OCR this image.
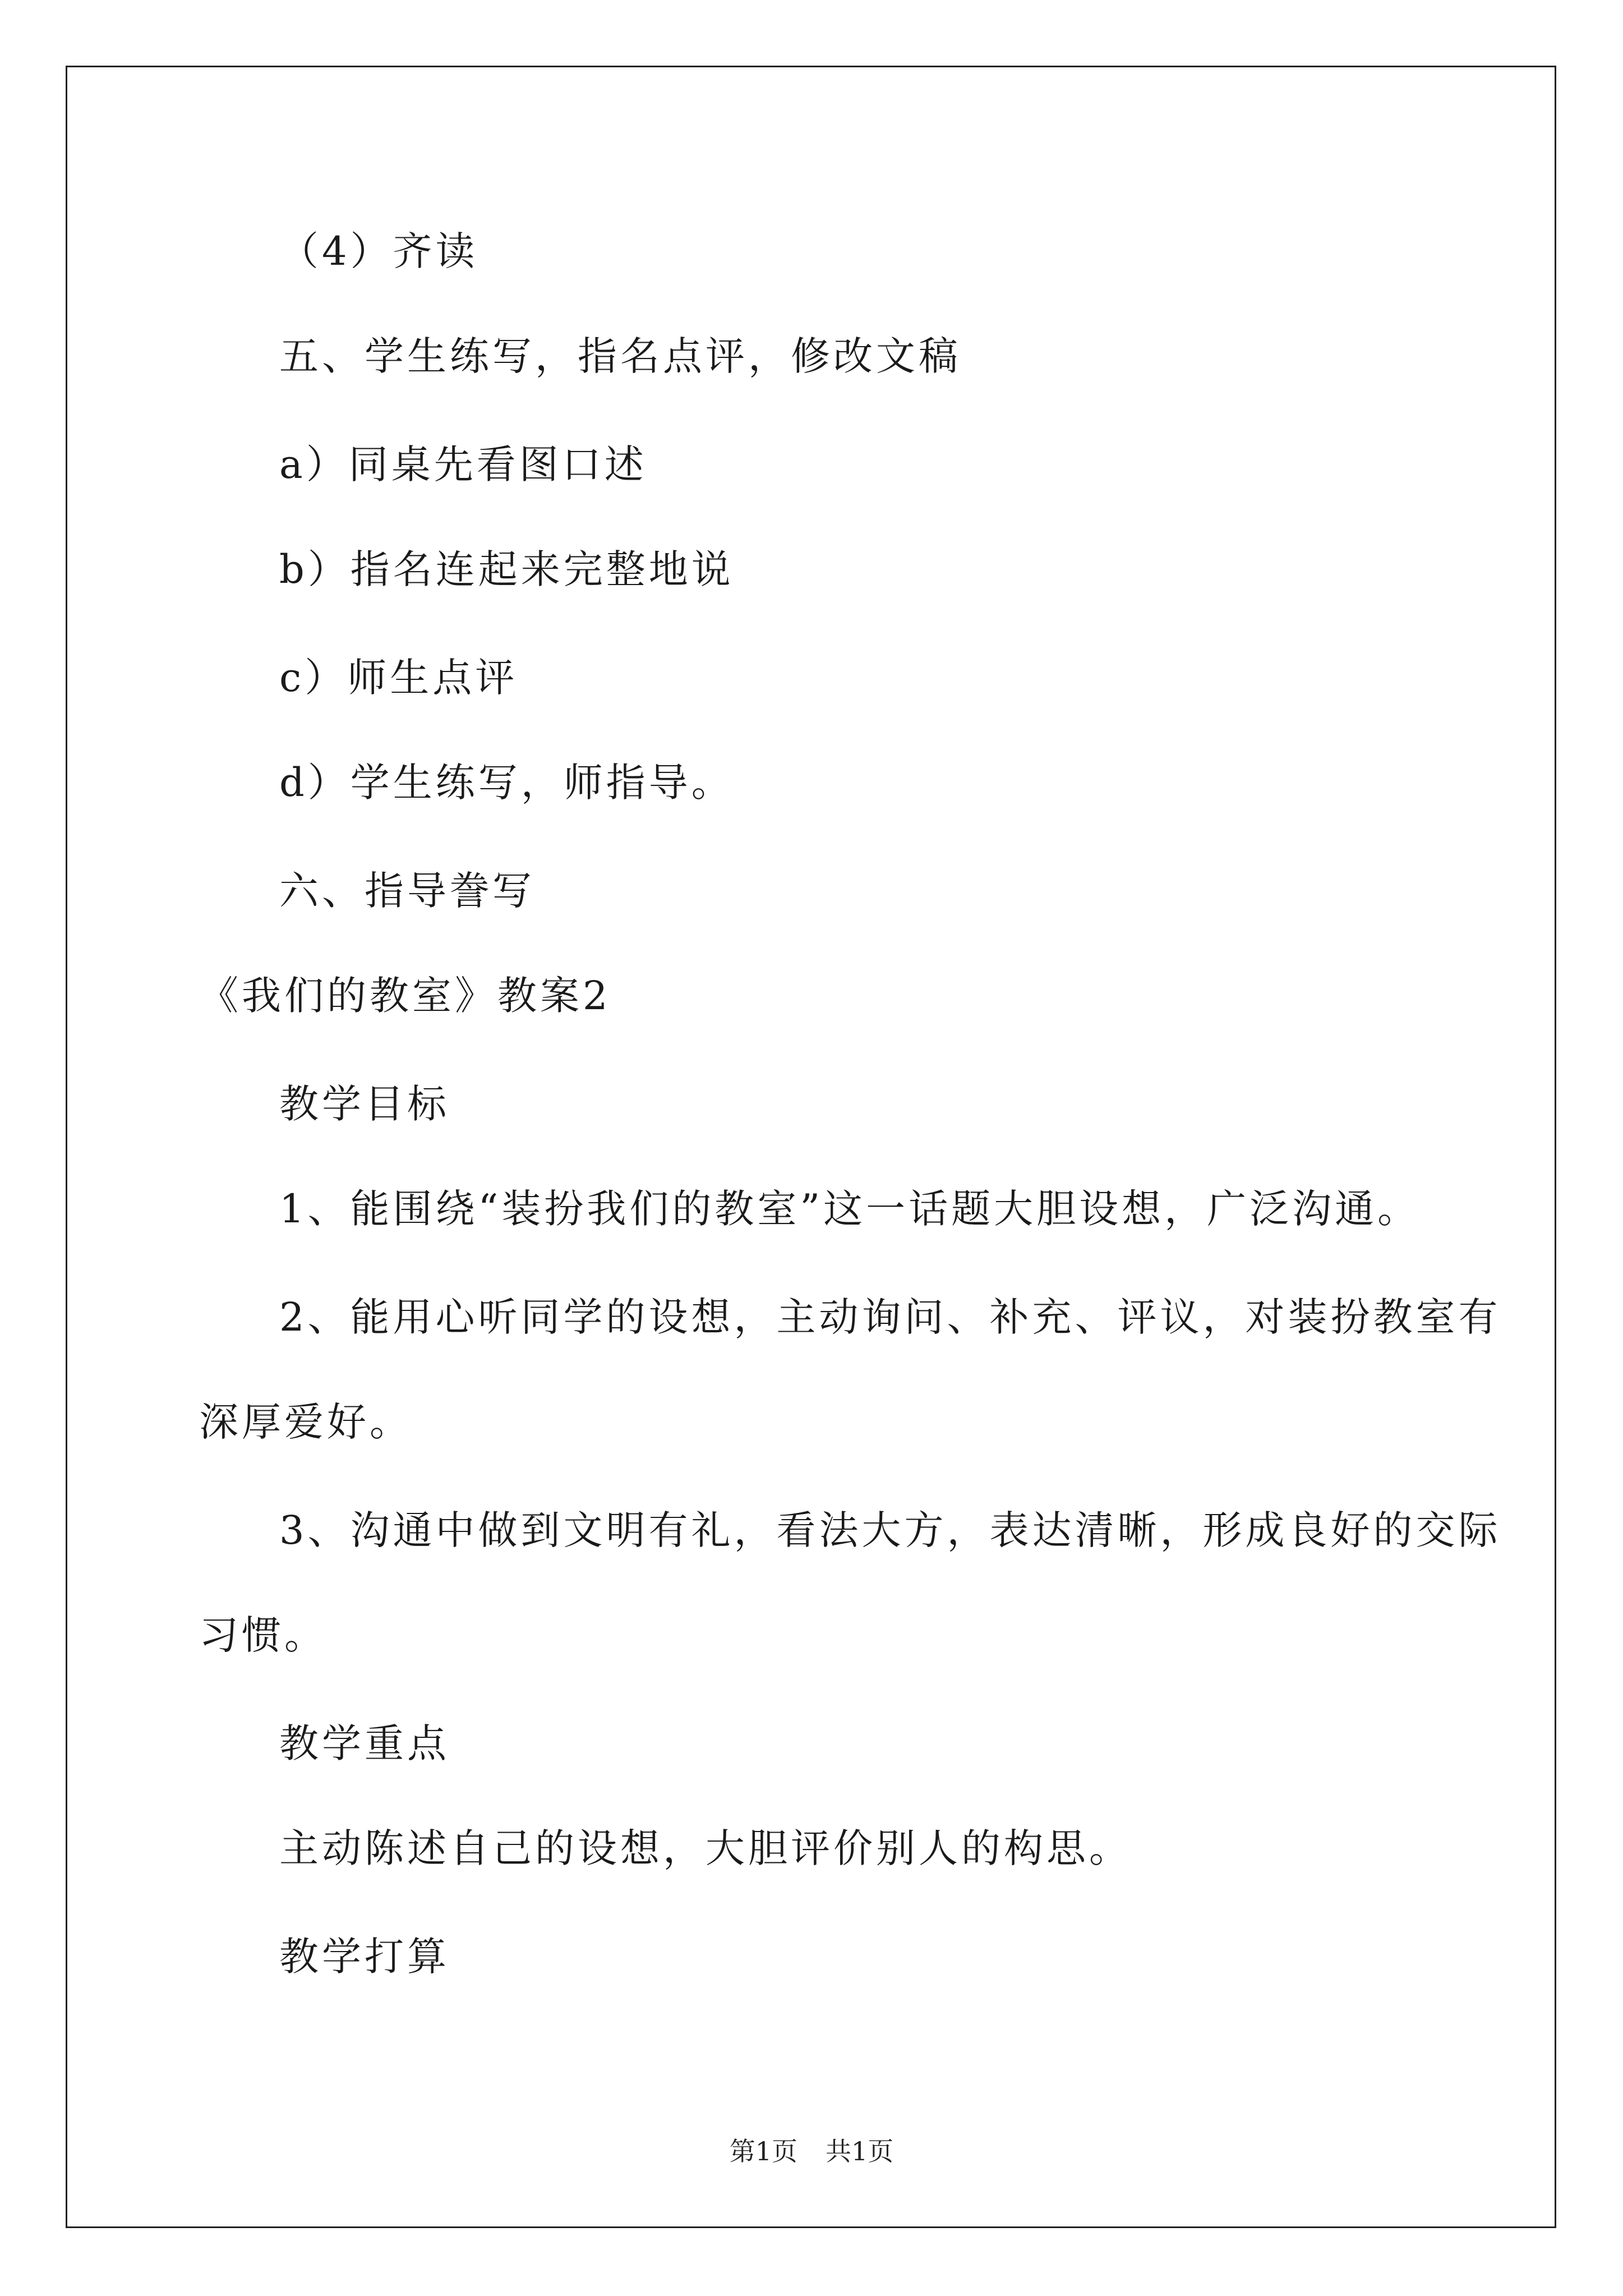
（4）齐读
五、学生练写，指名点评，修改文稿
a）同桌先看图口述
b）指名连起来完整地说
c）师生点评
d）学生练写，师指导。
六、指导誊写
《我们的教室》教案2
教学目标
1、能围绕“装扮我们的教室”这一话题大胆设想，广泛沟通。
2、能用心听同学的设想，主动询问、补充、评议，对装扮教室有
深厚爱好。
3、沟通中做到文明有礼，看法大方，表达清晰，形成良好的交际
习惯。
教学重点
主动陈述自己的设想，大胆评价别人的构思。
教学打算
第1页 共1页
